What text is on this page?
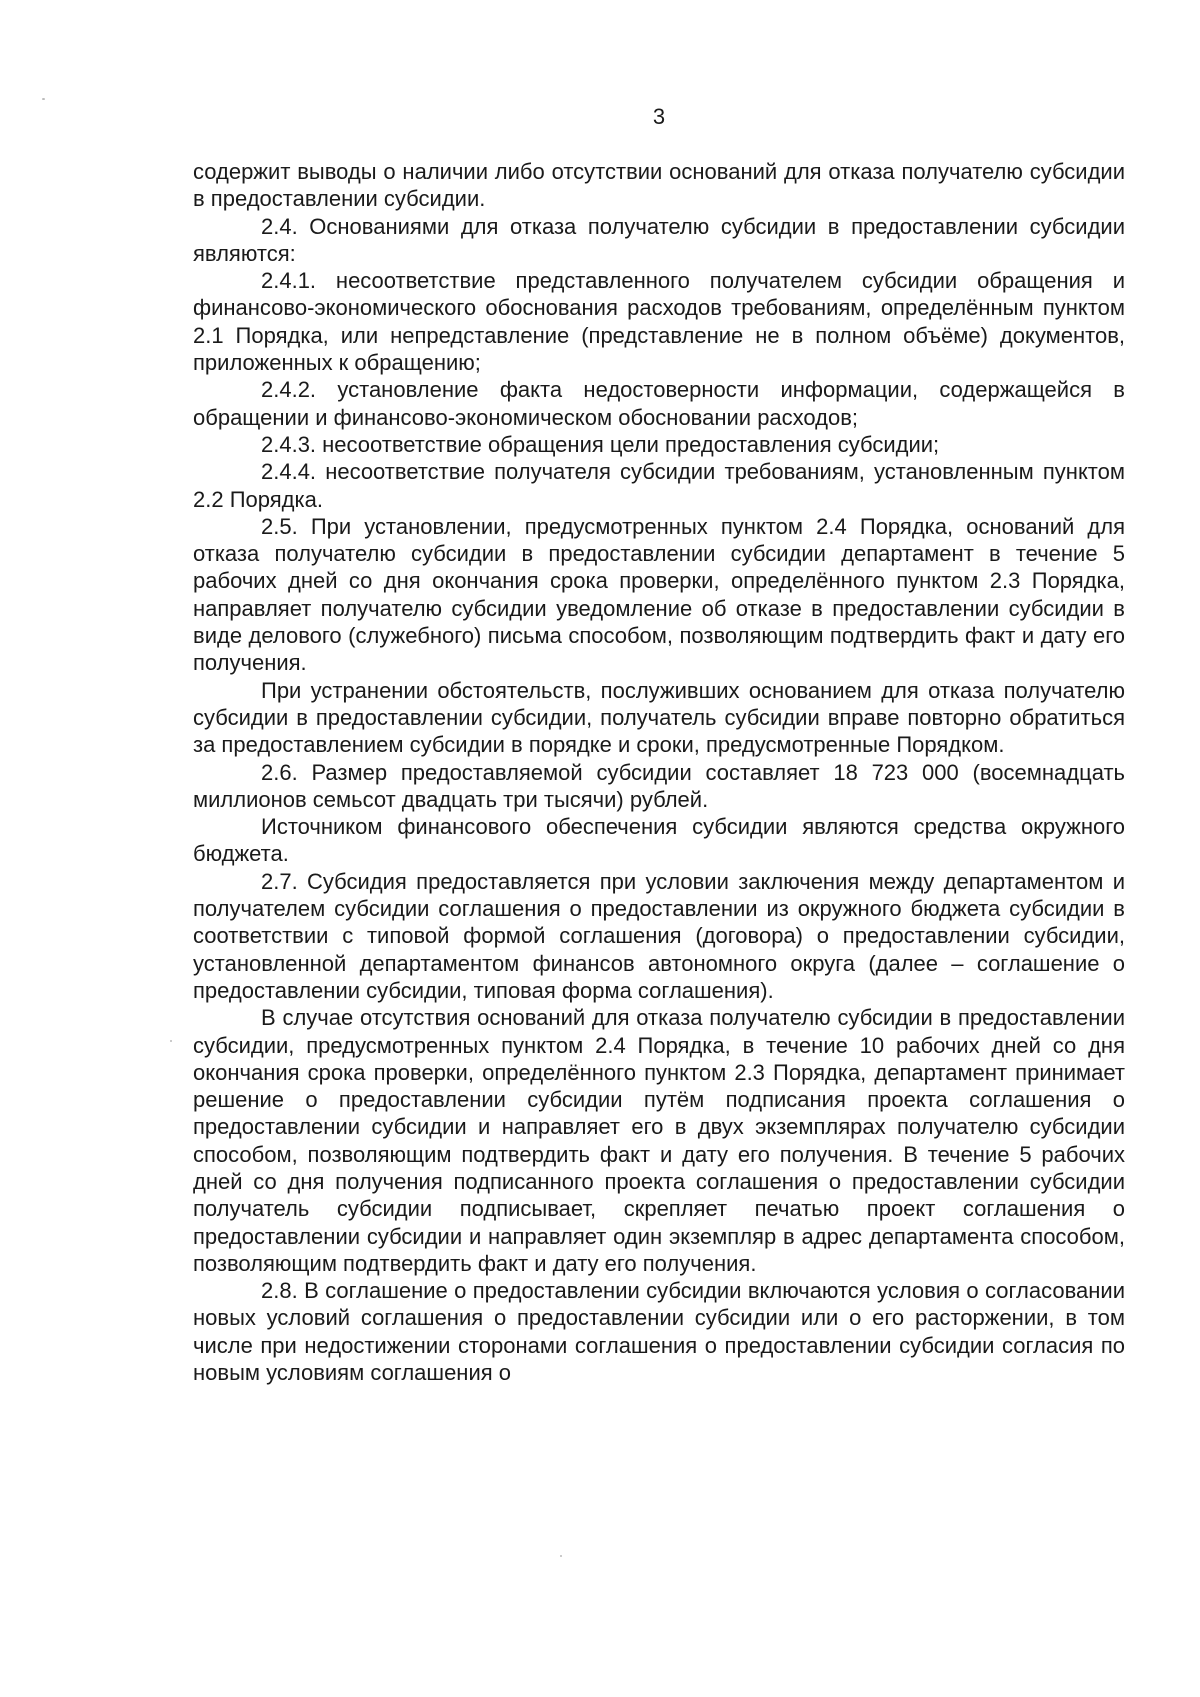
3

содержит выводы о наличии либо отсутствии оснований для отказа получателю субсидии в предоставлении субсидии.

2.4. Основаниями для отказа получателю субсидии в предоставлении субсидии являются:

2.4.1. несоответствие представленного получателем субсидии обращения и финансово-экономического обоснования расходов требованиям, определённым пунктом 2.1 Порядка, или непредставление (представление не в полном объёме) документов, приложенных к обращению;

2.4.2. установление факта недостоверности информации, содержащейся в обращении и финансово-экономическом обосновании расходов;

2.4.3. несоответствие обращения цели предоставления субсидии;

2.4.4. несоответствие получателя субсидии требованиям, установленным пунктом 2.2 Порядка.

2.5. При установлении, предусмотренных пунктом 2.4 Порядка, оснований для отказа получателю субсидии в предоставлении субсидии департамент в течение 5 рабочих дней со дня окончания срока проверки, определённого пунктом 2.3 Порядка, направляет получателю субсидии уведомление об отказе в предоставлении субсидии в виде делового (служебного) письма способом, позволяющим подтвердить факт и дату его получения.

При устранении обстоятельств, послуживших основанием для отказа получателю субсидии в предоставлении субсидии, получатель субсидии вправе повторно обратиться за предоставлением субсидии в порядке и сроки, предусмотренные Порядком.

2.6. Размер предоставляемой субсидии составляет 18 723 000 (восемнадцать миллионов семьсот двадцать три тысячи) рублей.

Источником финансового обеспечения субсидии являются средства окружного бюджета.

2.7. Субсидия предоставляется при условии заключения между департаментом и получателем субсидии соглашения о предоставлении из окружного бюджета субсидии в соответствии с типовой формой соглашения (договора) о предоставлении субсидии, установленной департаментом финансов автономного округа (далее – соглашение о предоставлении субсидии, типовая форма соглашения).

В случае отсутствия оснований для отказа получателю субсидии в предоставлении субсидии, предусмотренных пунктом 2.4 Порядка, в течение 10 рабочих дней со дня окончания срока проверки, определённого пунктом 2.3 Порядка, департамент принимает решение о предоставлении субсидии путём подписания проекта соглашения о предоставлении субсидии и направляет его в двух экземплярах получателю субсидии способом, позволяющим подтвердить факт и дату его получения. В течение 5 рабочих дней со дня получения подписанного проекта соглашения о предоставлении субсидии получатель субсидии подписывает, скрепляет печатью проект соглашения о предоставлении субсидии и направляет один экземпляр в адрес департамента способом, позволяющим подтвердить факт и дату его получения.

2.8. В соглашение о предоставлении субсидии включаются условия о согласовании новых условий соглашения о предоставлении субсидии или о его расторжении, в том числе при недостижении сторонами соглашения о предоставлении субсидии согласия по новым условиям соглашения о
